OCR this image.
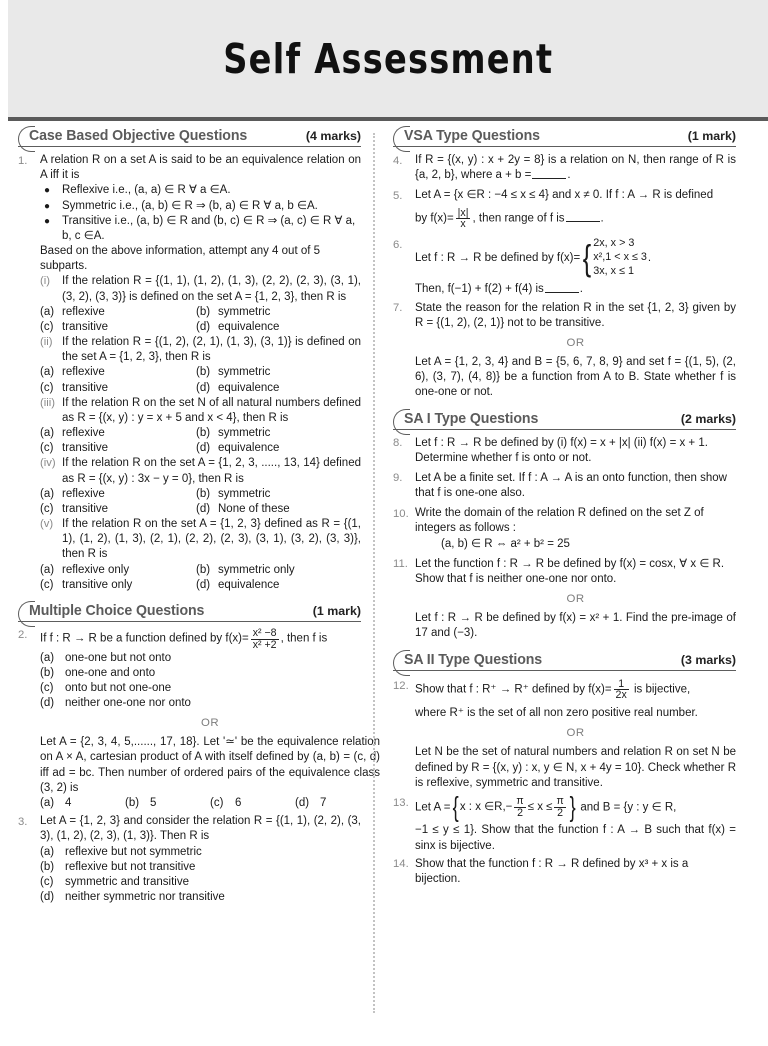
Self Assessment
Case Based Objective Questions	(4 marks)
1.	A relation R on a set A is said to be an equivalence relation on A iff it is

●	Reflexive i.e., (a, a) ∈ R ∀ a ∈A.
●	Symmetric i.e., (a, b) ∈ R ⇒ (b, a) ∈ R ∀ a, b ∈A.
●	Transitive i.e., (a, b) ∈ R and (b, c) ∈ R ⇒ (a, c) ∈ R ∀ a, b, c ∈A.

Based on the above information, attempt any 4 out of 5 subparts.

(i)	If the relation R = {(1, 1), (1, 2), (1, 3), (2, 2), (2, 3), (3, 1), (3, 2), (3, 3)} is defined on the set A = {1, 2, 3}, then R is
(a) reflexive	(b) symmetric
(c) transitive	(d) equivalence
(ii) If the relation R = {(1, 2), (2, 1), (1, 3), (3, 1)} is defined on the set A = {1, 2, 3}, then R is
(a) reflexive	(b) symmetric
(c) transitive	(d) equivalence
(iii) If the relation R on the set N of all natural numbers defined as R = {(x, y) : y = x + 5 and x < 4}, then R is
(a) reflexive	(b) symmetric
(c) transitive	(d) equivalence
(iv) If the relation R on the set A = {1, 2, 3, ....., 13, 14} defined as R = {(x, y) : 3x − y = 0}, then R is
(a) reflexive	(b) symmetric
(c) transitive	(d) None of these
(v) If the relation R on the set A = {1, 2, 3} defined as R = {(1, 1), (1, 2), (1, 3), (2, 1), (2, 2), (2, 3), (3, 1), (3, 2), (3, 3)}, then R is
(a) reflexive only	(b) symmetric only
(c) transitive only	(d) equivalence
Multiple Choice Questions	(1 mark)
2.	If f : R → R be a function defined by $f(x)= \frac{\text{x² −8}}{\text{x² +2}}$ , then f is

(a) one-one but not onto
(b) one-one and onto
(c)	onto but not one-one
(d) neither one-one nor onto
OR

Let A = {2, 3, 4, 5,......, 17, 18}. Let '≃' be the equivalence relation on A × A, cartesian product of A with itself defined by (a, b) = (c, d) iff ad = bc. Then number of ordered pairs of the equivalence class (3, 2) is

(a) 4	(b) 5	(c)	6	(d) 7
3.	Let A = {1, 2, 3} and consider the relation R = {(1, 1), (2, 2), (3, 3), (1, 2), (2, 3), (1, 3)}. Then R is

(a) reflexive but not symmetric
(b) reflexive but not transitive
(c)	symmetric and transitive
(d) neither symmetric nor transitive
VSA Type Questions	(1 mark)
4.	If R = {(x, y) : x + 2y = 8} is a relation on N, then range of R is {a, 2, b}, where a + b =	.
5.	Let A = {x ∈R : −4 ≤ x ≤ 4} and x ≠ 0. If f : A → R is defined

by $f(x)= \frac{|x|}{x}$ , then range of f is	.

6.

Let f : R → R be defined by f(x)= { 2x, x > 3
x²,1 < x ≤ 3
3x, x ≤ 1
.

Then, f(−1) + f(2) + f(4) is	.

7.	State the reason for the relation R in the set {1, 2, 3} given by R = {(1, 2), (2, 1)} not to be transitive.

OR

Let A = {1, 2, 3, 4} and B = {5, 6, 7, 8, 9} and set f = {(1, 5), (2, 6), (3, 7), (4, 8)} be a function from A to B. State whether f is one-one or not.

SA I Type Questions	(2 marks)
8.	Let f : R → R be defined by (i) f(x) = x + |x| (ii) f(x) = x + 1. Determine whether f is onto or not.

9.	Let A be a finite set. If f : A → A is an onto function, then show that f is one-one also.

10. Write the domain of the relation R defined on the set Z of integers as follows :

(a, b) ∈ R ⇔ a² + b² = 25

11. Let the function f : R → R be defined by f(x) = cosx, ∀ x ∈ R. Show that f is neither one-one nor onto.

OR

Let f : R → R be defined by f(x) = x² + 1. Find the pre-image of 17 and (−3).

SA II Type Questions	(3 marks)
12. Show that f : R⁺ → R⁺ defined by $f(x)= \frac{1}{2x}$ is bijective,

where R⁺ is the set of all non zero positive real number.

OR

Let N be the set of natural numbers and relation R on set N be defined by R = {(x, y) : x, y ∈ N, x + 4y = 10}. Check whether R is reflexive, symmetric and transitive.

13. Let A = { x : x ∈R,− $\frac{\pi}{2} \le x \le \frac{\pi}{2}$ } and B = {y : y ∈ R,

−1 ≤ y ≤ 1}. Show that the function f : A → B such that f(x) = sinx is bijective.

14. Show that the function f : R → R defined by x³ + x is a bijection.
